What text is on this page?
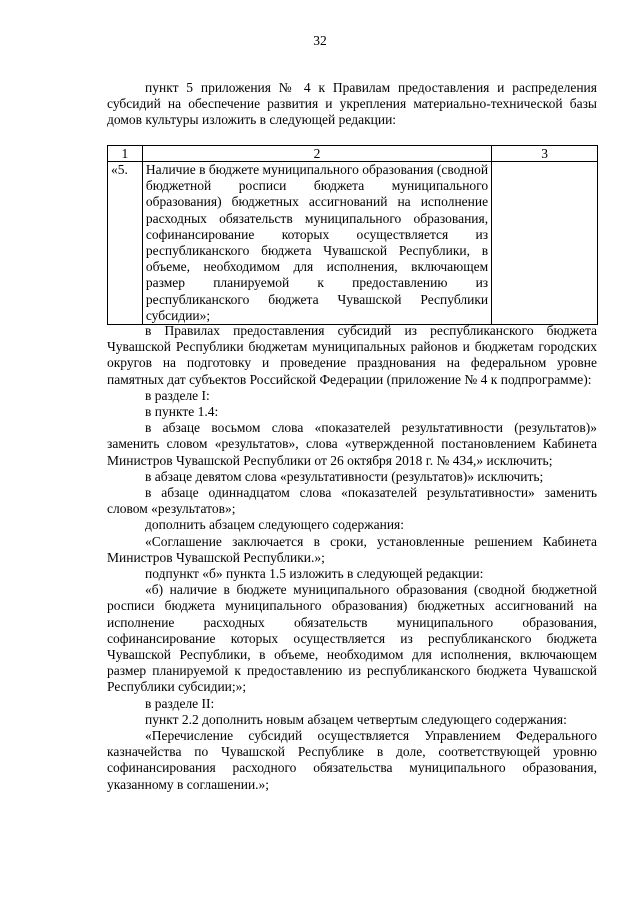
32

пункт 5 приложения № 4 к Правилам предоставления и распределения субсидий на обеспечение развития и укрепления материально-технической базы домов культуры изложить в следующей редакции:

1	2	3
«5.	Наличие в бюджете муниципального образования (сводной бюджетной росписи бюджета муниципального образования) бюджетных ассигнований на исполнение расходных обязательств муниципального образования, софинансирование которых осуществляется из республиканского бюджета Чувашской Республики, в объеме, необходимом для исполнения, включающем размер планируемой к предоставлению из республиканского бюджета Чувашской Республики субсидии»;	

в Правилах предоставления субсидий из республиканского бюджета Чувашской Республики бюджетам муниципальных районов и бюджетам городских округов на подготовку и проведение празднования на федеральном уровне памятных дат субъектов Российской Федерации (приложение № 4 к подпрограмме):

в разделе I:

в пункте 1.4:

в абзаце восьмом слова «показателей результативности (результатов)» заменить словом «результатов», слова «утвержденной постановлением Кабинета Министров Чувашской Республики от 26 октября 2018 г. № 434,» исключить;

в абзаце девятом слова «результативности (результатов)» исключить;

в абзаце одиннадцатом слова «показателей результативности» заменить словом «результатов»;

дополнить абзацем следующего содержания:

«Соглашение заключается в сроки, установленные решением Кабинета Министров Чувашской Республики.»;

подпункт «б» пункта 1.5 изложить в следующей редакции:

«б) наличие в бюджете муниципального образования (сводной бюджетной росписи бюджета муниципального образования) бюджетных ассигнований на исполнение расходных обязательств муниципального образования, софинансирование которых осуществляется из республиканского бюджета Чувашской Республики, в объеме, необходимом для исполнения, включающем размер планируемой к предоставлению из республиканского бюджета Чувашской Республики субсидии;»;

в разделе II:

пункт 2.2 дополнить новым абзацем четвертым следующего содержания:

«Перечисление субсидий осуществляется Управлением Федерального казначейства по Чувашской Республике в доле, соответствующей уровню софинансирования расходного обязательства муниципального образования, указанному в соглашении.»;
